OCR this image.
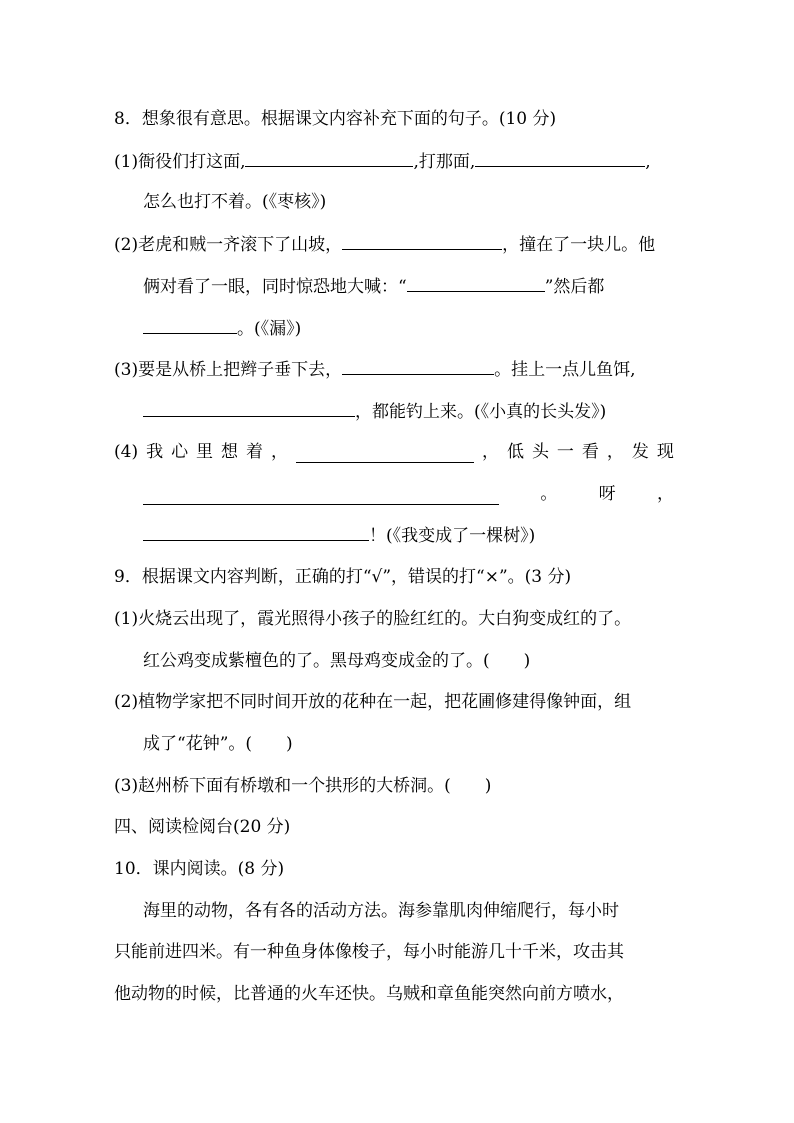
8．想象很有意思。根据课文内容补充下面的句子。(10 分)
(1)衙役们打这面,	,打那面,	,
怎么也打不着。(《枣核》)
(2)老虎和贼一齐滚下了山坡，	，撞在了一块儿。他
俩对看了一眼，同时惊恐地大喊：“	”然后都
。(《漏》)
(3)要是从桥上把辫子垂下去，	。挂上一点儿鱼饵,
，都能钓上来。(《小真的长头发》)
(4) 我 心 里 想 着 ，	， 低 头 一 看 ， 发 现
。 呀 ，
！(《我变成了一棵树》)
9．根据课文内容判断，正确的打“√”，错误的打“×”。(3 分)
(1)火烧云出现了，霞光照得小孩子的脸红红的。大白狗变成红的了。
红公鸡变成紫檀色的了。黑母鸡变成金的了。(　　)
(2)植物学家把不同时间开放的花种在一起，把花圃修建得像钟面，组
成了“花钟”。(　　)
(3)赵州桥下面有桥墩和一个拱形的大桥洞。(　　)
四、阅读检阅台(20 分)
10．课内阅读。(8 分)
海里的动物，各有各的活动方法。海参靠肌肉伸缩爬行，每小时
只能前进四米。有一种鱼身体像梭子，每小时能游几十千米，攻击其
他动物的时候，比普通的火车还快。乌贼和章鱼能突然向前方喷水，
